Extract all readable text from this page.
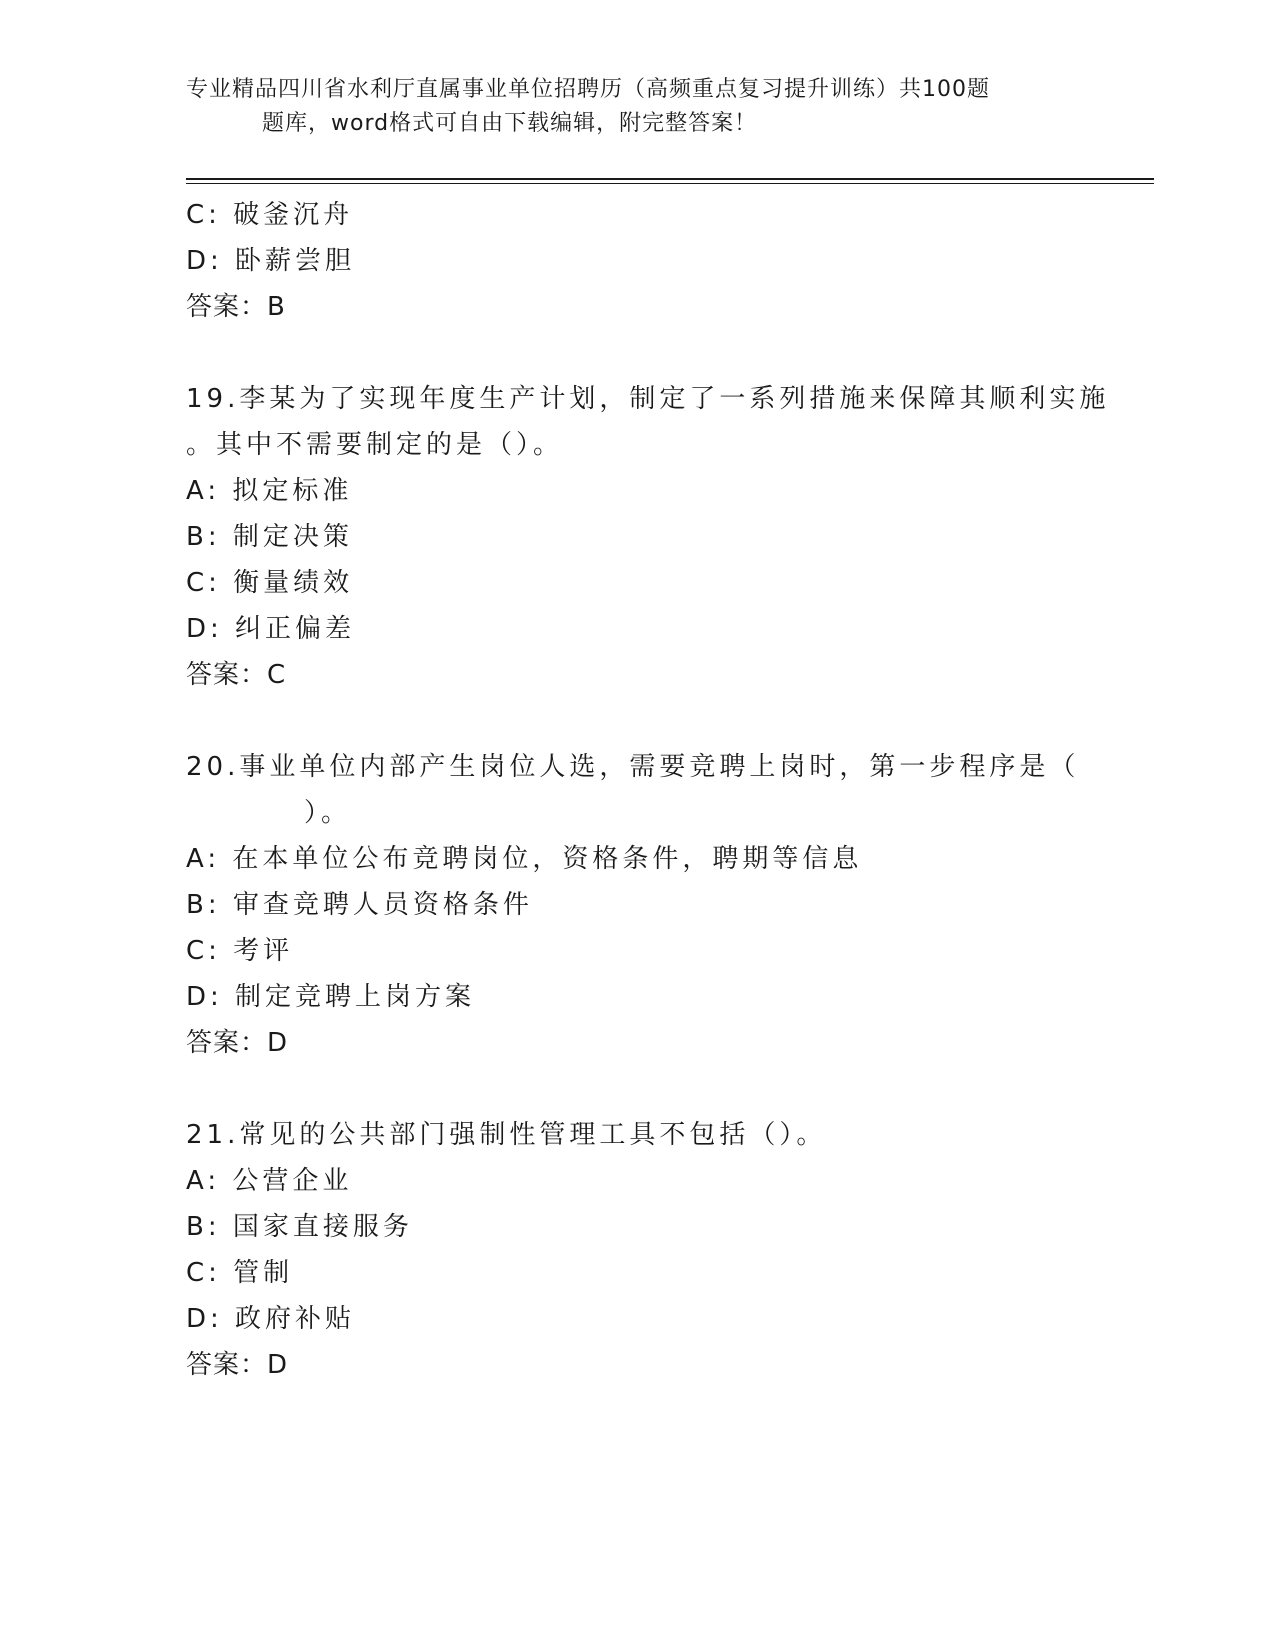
专业精品四川省水利厅直属事业单位招聘历（高频重点复习提升训练）共100题
题库，word格式可自由下载编辑，附完整答案！
C: 破釜沉舟
D: 卧薪尝胆
答案：B
19.李某为了实现年度生产计划，制定了一系列措施来保障其顺利实施
。其中不需要制定的是（）。
A: 拟定标准
B: 制定决策
C: 衡量绩效
D: 纠正偏差
答案：C
20.事业单位内部产生岗位人选，需要竞聘上岗时，第一步程序是（
）。
A: 在本单位公布竞聘岗位，资格条件，聘期等信息
B: 审查竞聘人员资格条件
C: 考评
D: 制定竞聘上岗方案
答案：D
21.常见的公共部门强制性管理工具不包括（）。
A: 公营企业
B: 国家直接服务
C: 管制
D: 政府补贴
答案：D
